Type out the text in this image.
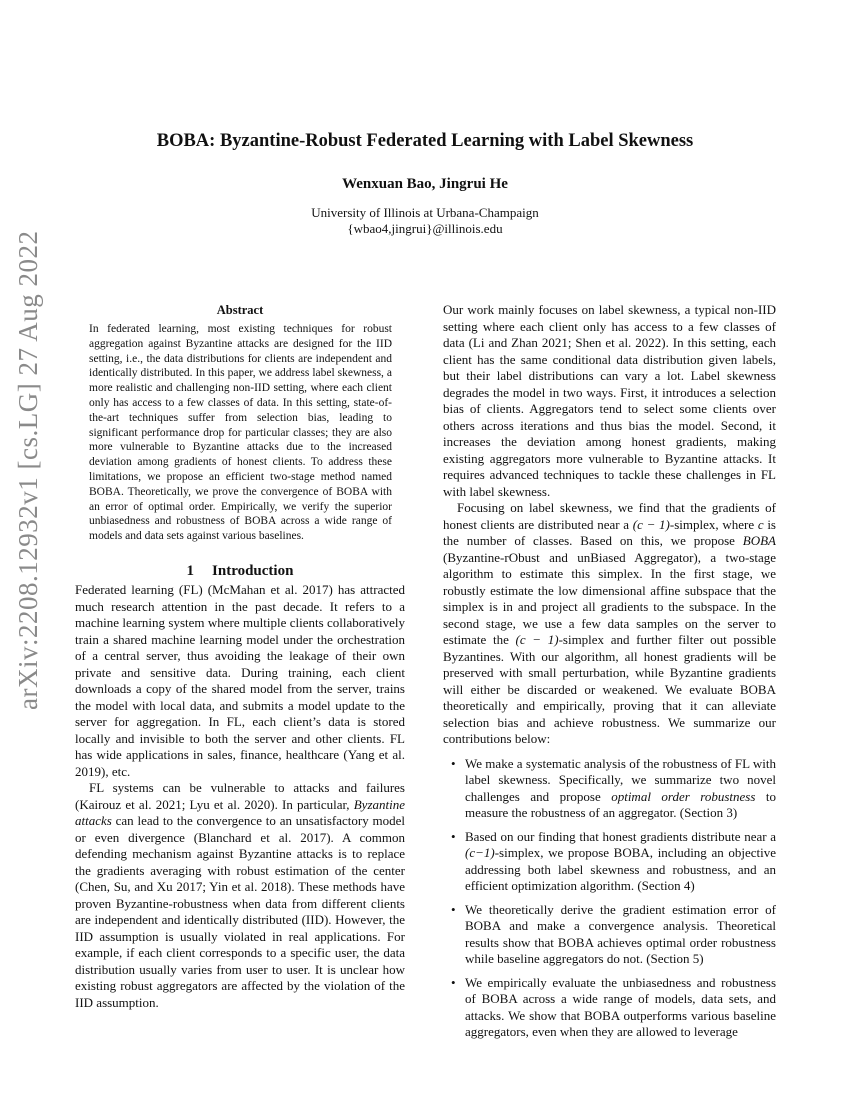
arXiv:2208.12932v1 [cs.LG] 27 Aug 2022
BOBA: Byzantine-Robust Federated Learning with Label Skewness
Wenxuan Bao, Jingrui He
University of Illinois at Urbana-Champaign
{wbao4,jingrui}@illinois.edu
Abstract
In federated learning, most existing techniques for robust aggregation against Byzantine attacks are designed for the IID setting, i.e., the data distributions for clients are independent and identically distributed. In this paper, we address label skewness, a more realistic and challenging non-IID setting, where each client only has access to a few classes of data. In this setting, state-of-the-art techniques suffer from selection bias, leading to significant performance drop for particular classes; they are also more vulnerable to Byzantine attacks due to the increased deviation among gradients of honest clients. To address these limitations, we propose an efficient two-stage method named BOBA. Theoretically, we prove the convergence of BOBA with an error of optimal order. Empirically, we verify the superior unbiasedness and robustness of BOBA across a wide range of models and data sets against various baselines.
1 Introduction

Federated learning (FL) (McMahan et al. 2017) has attracted much research attention in the past decade. It refers to a machine learning system where multiple clients collaboratively train a shared machine learning model under the orchestration of a central server, thus avoiding the leakage of their own private and sensitive data. During training, each client downloads a copy of the shared model from the server, trains the model with local data, and submits a model update to the server for aggregation. In FL, each client’s data is stored locally and invisible to both the server and other clients. FL has wide applications in sales, finance, healthcare (Yang et al. 2019), etc.

FL systems can be vulnerable to attacks and failures (Kairouz et al. 2021; Lyu et al. 2020). In particular, Byzantine attacks can lead to the convergence to an unsatisfactory model or even divergence (Blanchard et al. 2017). A common defending mechanism against Byzantine attacks is to replace the gradients averaging with robust estimation of the center (Chen, Su, and Xu 2017; Yin et al. 2018). These methods have proven Byzantine-robustness when data from different clients are independent and identically distributed (IID). However, the IID assumption is usually violated in real applications. For example, if each client corresponds to a specific user, the data distribution usually varies from user to user. It is unclear how existing robust aggregators are affected by the violation of the IID assumption.

Our work mainly focuses on label skewness, a typical non-IID setting where each client only has access to a few classes of data (Li and Zhan 2021; Shen et al. 2022). In this setting, each client has the same conditional data distribution given labels, but their label distributions can vary a lot. Label skewness degrades the model in two ways. First, it introduces a selection bias of clients. Aggregators tend to select some clients over others across iterations and thus bias the model. Second, it increases the deviation among honest gradients, making existing aggregators more vulnerable to Byzantine attacks. It requires advanced techniques to tackle these challenges in FL with label skewness.

Focusing on label skewness, we find that the gradients of honest clients are distributed near a (c − 1)-simplex, where c is the number of classes. Based on this, we propose BOBA (Byzantine-rObust and unBiased Aggregator), a two-stage algorithm to estimate this simplex. In the first stage, we robustly estimate the low dimensional affine subspace that the simplex is in and project all gradients to the subspace. In the second stage, we use a few data samples on the server to estimate the (c − 1)-simplex and further filter out possible Byzantines. With our algorithm, all honest gradients will be preserved with small perturbation, while Byzantine gradients will either be discarded or weakened. We evaluate BOBA theoretically and empirically, proving that it can alleviate selection bias and achieve robustness. We summarize our contributions below:

• We make a systematic analysis of the robustness of FL with label skewness. Specifically, we summarize two novel challenges and propose optimal order robustness to measure the robustness of an aggregator. (Section 3)
• Based on our finding that honest gradients distribute near a (c−1)-simplex, we propose BOBA, including an objective addressing both label skewness and robustness, and an efficient optimization algorithm. (Section 4)
• We theoretically derive the gradient estimation error of BOBA and make a convergence analysis. Theoretical results show that BOBA achieves optimal order robustness while baseline aggregators do not. (Section 5)
• We empirically evaluate the unbiasedness and robustness of BOBA across a wide range of models, data sets, and attacks. We show that BOBA outperforms various baseline aggregators, even when they are allowed to leverage
